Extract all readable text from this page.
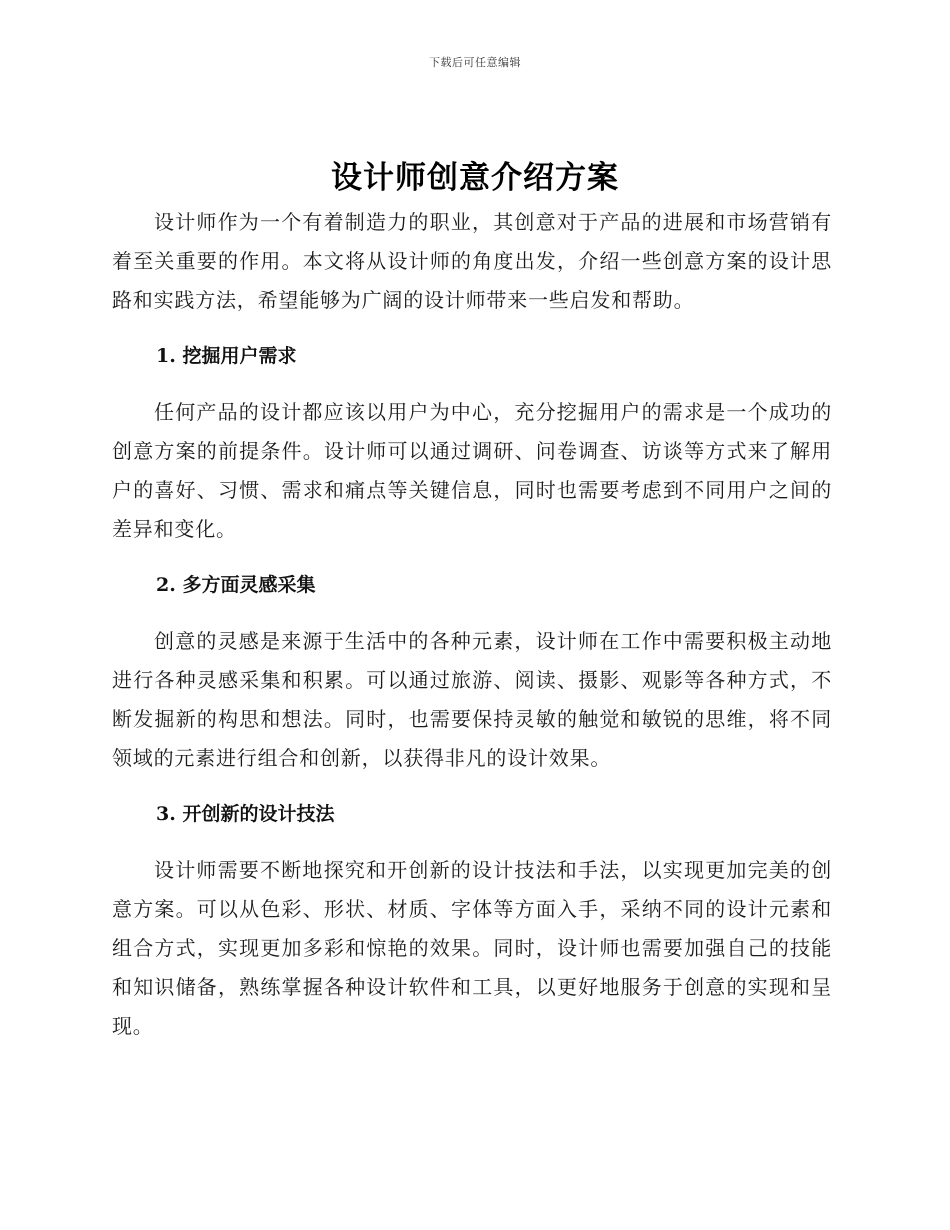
下载后可任意编辑
设计师创意介绍方案

设计师作为一个有着制造力的职业，其创意对于产品的进展和市场营销有着至关重要的作用。本文将从设计师的角度出发，介绍一些创意方案的设计思路和实践方法，希望能够为广阔的设计师带来一些启发和帮助。

1. 挖掘用户需求

任何产品的设计都应该以用户为中心，充分挖掘用户的需求是一个成功的创意方案的前提条件。设计师可以通过调研、问卷调查、访谈等方式来了解用户的喜好、习惯、需求和痛点等关键信息，同时也需要考虑到不同用户之间的差异和变化。

2. 多方面灵感采集

创意的灵感是来源于生活中的各种元素，设计师在工作中需要积极主动地进行各种灵感采集和积累。可以通过旅游、阅读、摄影、观影等各种方式，不断发掘新的构思和想法。同时，也需要保持灵敏的触觉和敏锐的思维，将不同领域的元素进行组合和创新，以获得非凡的设计效果。

3. 开创新的设计技法

设计师需要不断地探究和开创新的设计技法和手法，以实现更加完美的创意方案。可以从色彩、形状、材质、字体等方面入手，采纳不同的设计元素和组合方式，实现更加多彩和惊艳的效果。同时，设计师也需要加强自己的技能和知识储备，熟练掌握各种设计软件和工具，以更好地服务于创意的实现和呈现。
